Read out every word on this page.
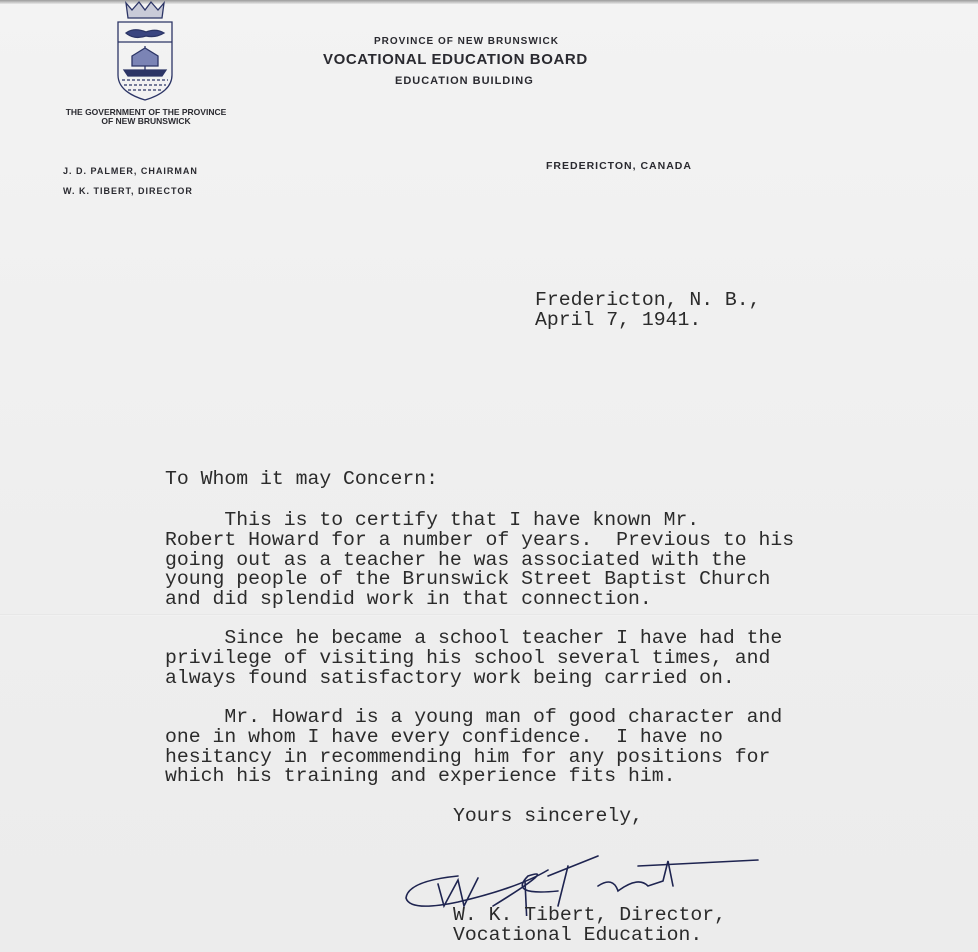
THE GOVERNMENT OF THE PROVINCE
OF NEW BRUNSWICK
PROVINCE OF NEW BRUNSWICK
VOCATIONAL EDUCATION BOARD
EDUCATION BUILDING
J. D. PALMER, CHAIRMAN
W. K. TIBERT, DIRECTOR
FREDERICTON, CANADA
Fredericton, N. B.,
April 7, 1941.
To Whom it may Concern:
This is to certify that I have known Mr.
Robert Howard for a number of years.  Previous to his
going out as a teacher he was associated with the
young people of the Brunswick Street Baptist Church
and did splendid work in that connection.
Since he became a school teacher I have had the
privilege of visiting his school several times, and
always found satisfactory work being carried on.
Mr. Howard is a young man of good character and
one in whom I have every confidence.  I have no
hesitancy in recommending him for any positions for
which his training and experience fits him.
Yours sincerely,
W. K. Tibert, Director,
Vocational Education.
